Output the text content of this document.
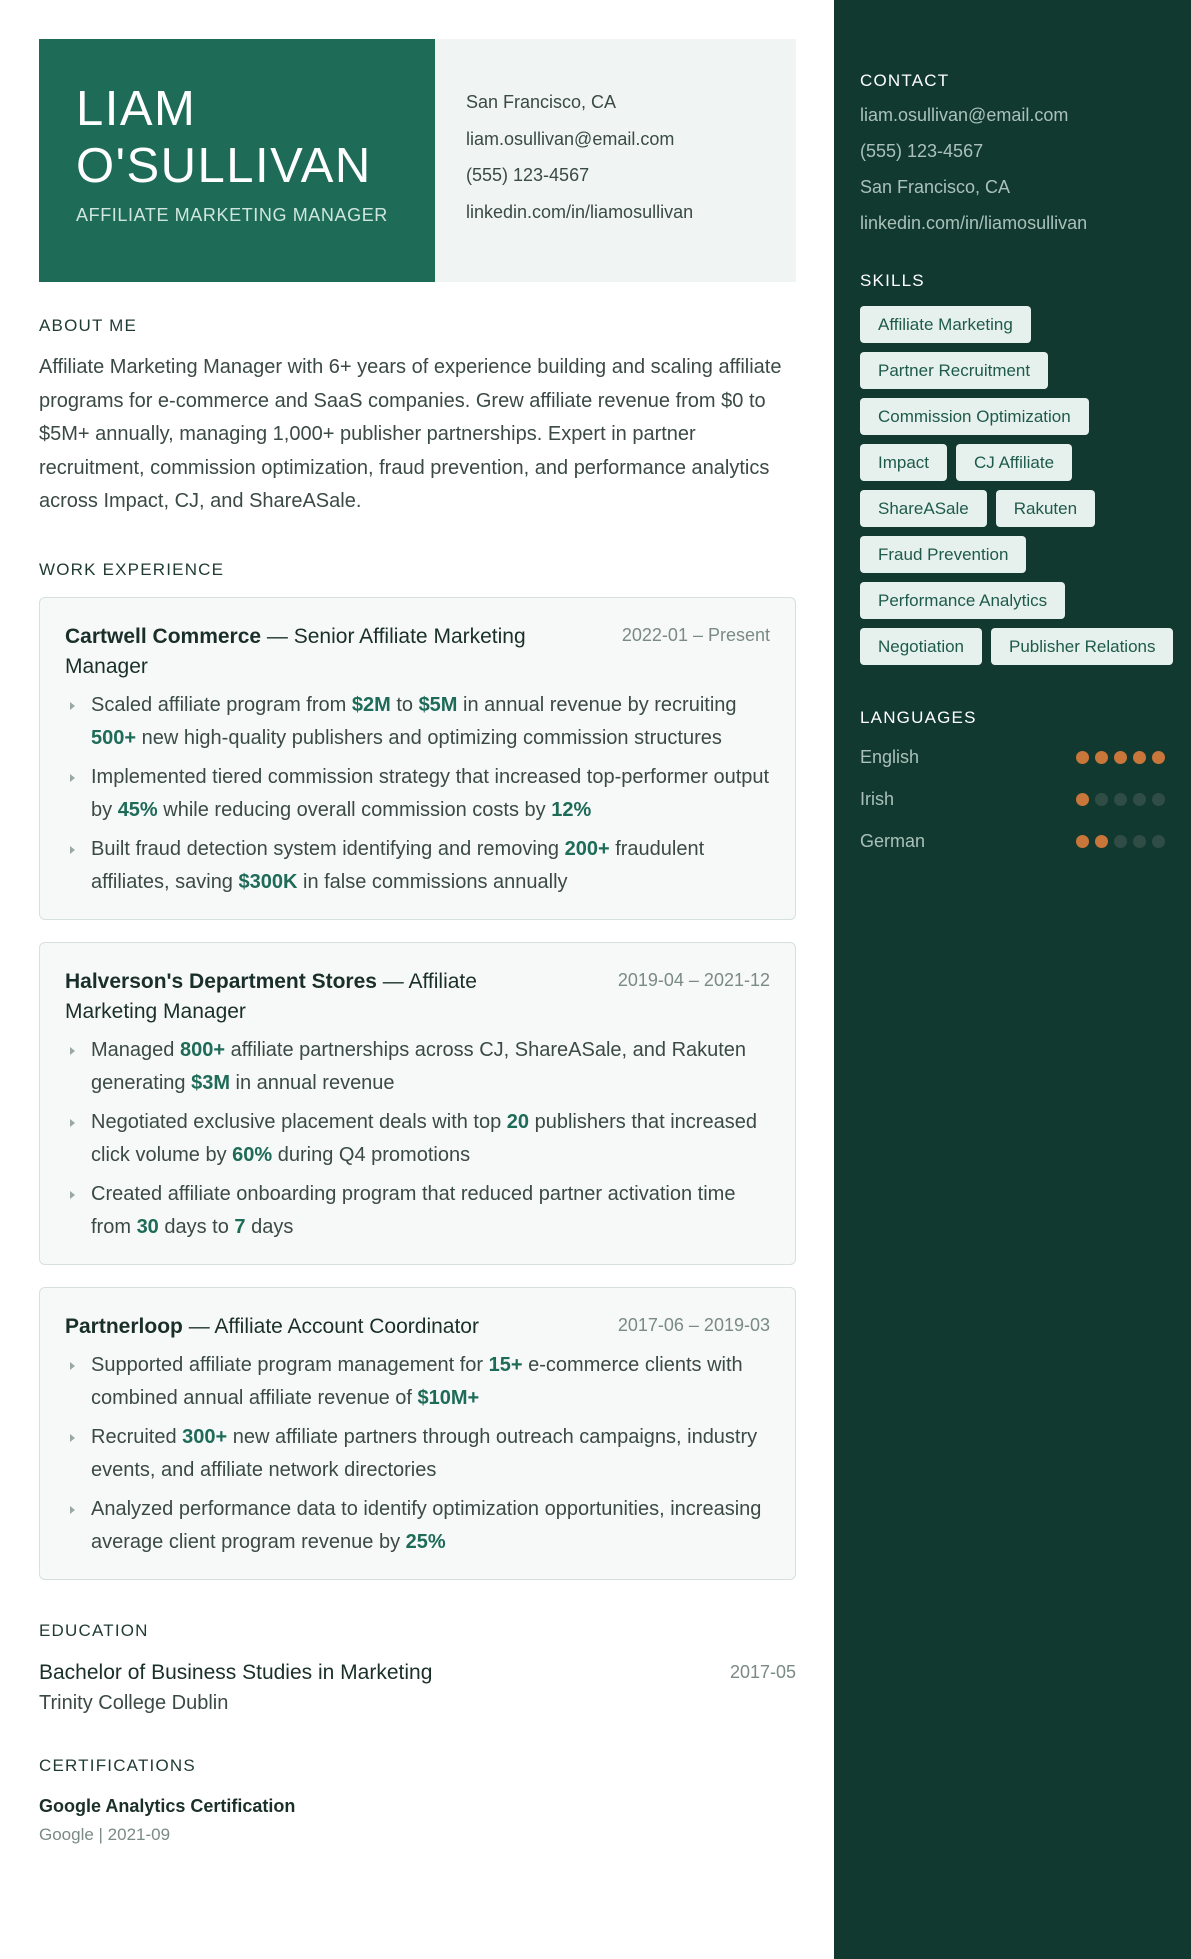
LIAM
O'SULLIVAN
AFFILIATE MARKETING MANAGER
San Francisco, CA
liam.osullivan@email.com
(555) 123-4567
linkedin.com/in/liamosullivan
ABOUT ME

Affiliate Marketing Manager with 6+ years of experience building and scaling affiliate programs for e-commerce and SaaS companies. Grew affiliate revenue from $0 to $5M+ annually, managing 1,000+ publisher partnerships. Expert in partner recruitment, commission optimization, fraud prevention, and performance analytics across Impact, CJ, and ShareASale.

WORK EXPERIENCE
Cartwell Commerce — Senior Affiliate Marketing Manager
2022-01 – Present
Scaled affiliate program from $2M to $5M in annual revenue by recruiting 500+ new high-quality publishers and optimizing commission structures
Implemented tiered commission strategy that increased top-performer output by 45% while reducing overall commission costs by 12%
Built fraud detection system identifying and removing 200+ fraudulent affiliates, saving $300K in false commissions annually
Halverson's Department Stores — Affiliate Marketing Manager
2019-04 – 2021-12
Managed 800+ affiliate partnerships across CJ, ShareASale, and Rakuten generating $3M in annual revenue
Negotiated exclusive placement deals with top 20 publishers that increased click volume by 60% during Q4 promotions
Created affiliate onboarding program that reduced partner activation time from 30 days to 7 days
Partnerloop — Affiliate Account Coordinator	2017-06 – 2019-03
Supported affiliate program management for 15+ e-commerce clients with combined annual affiliate revenue of $10M+
Recruited 300+ new affiliate partners through outreach campaigns, industry events, and affiliate network directories
Analyzed performance data to identify optimization opportunities, increasing average client program revenue by 25%
EDUCATION
Bachelor of Business Studies in Marketing	2017-05
Trinity College Dublin
CERTIFICATIONS
Google Analytics Certification
Google | 2021-09
CONTACT
liam.osullivan@email.com
(555) 123-4567
San Francisco, CA
linkedin.com/in/liamosullivan
SKILLS
Affiliate Marketing
Partner Recruitment
Commission Optimization
Impact	CJ Affiliate
ShareASale	Rakuten
Fraud Prevention
Performance Analytics
Negotiation	Publisher Relations
LANGUAGES
English
Irish
German
